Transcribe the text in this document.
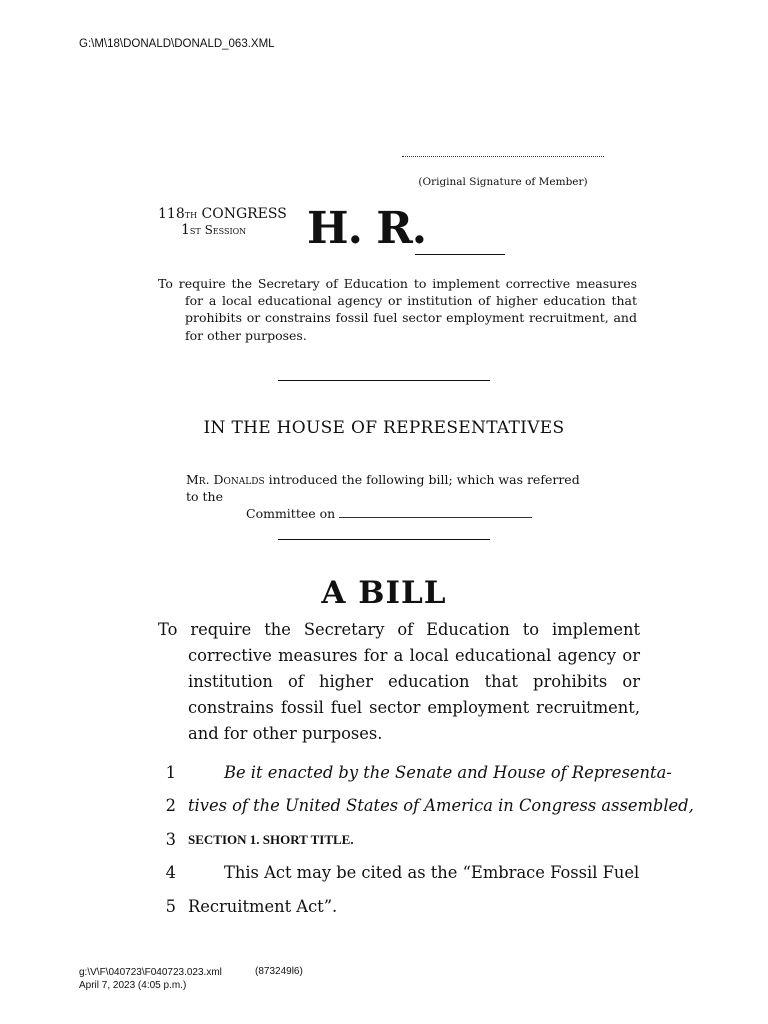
G:\M\18\DONALD\DONALD_063.XML
(Original Signature of Member)
118th CONGRESS
1st Session H. R.
To require the Secretary of Education to implement corrective measures for a local educational agency or institution of higher education that prohibits or constrains fossil fuel sector employment recruitment, and for other purposes.
IN THE HOUSE OF REPRESENTATIVES
Mr. Donalds introduced the following bill; which was referred to the
Committee on
A BILL
To require the Secretary of Education to implement corrective measures for a local educational agency or institution of higher education that prohibits or constrains fossil fuel sector employment recruitment, and for other purposes.
1	Be it enacted by the Senate and House of Representa-
2 tives of the United States of America in Congress assembled,
3 SECTION 1. SHORT TITLE.
4	This Act may be cited as the “Embrace Fossil Fuel
5 Recruitment Act”.
g:\V\F\040723\F040723.023.xml
April 7, 2023 (4:05 p.m.)
(873249l6)
